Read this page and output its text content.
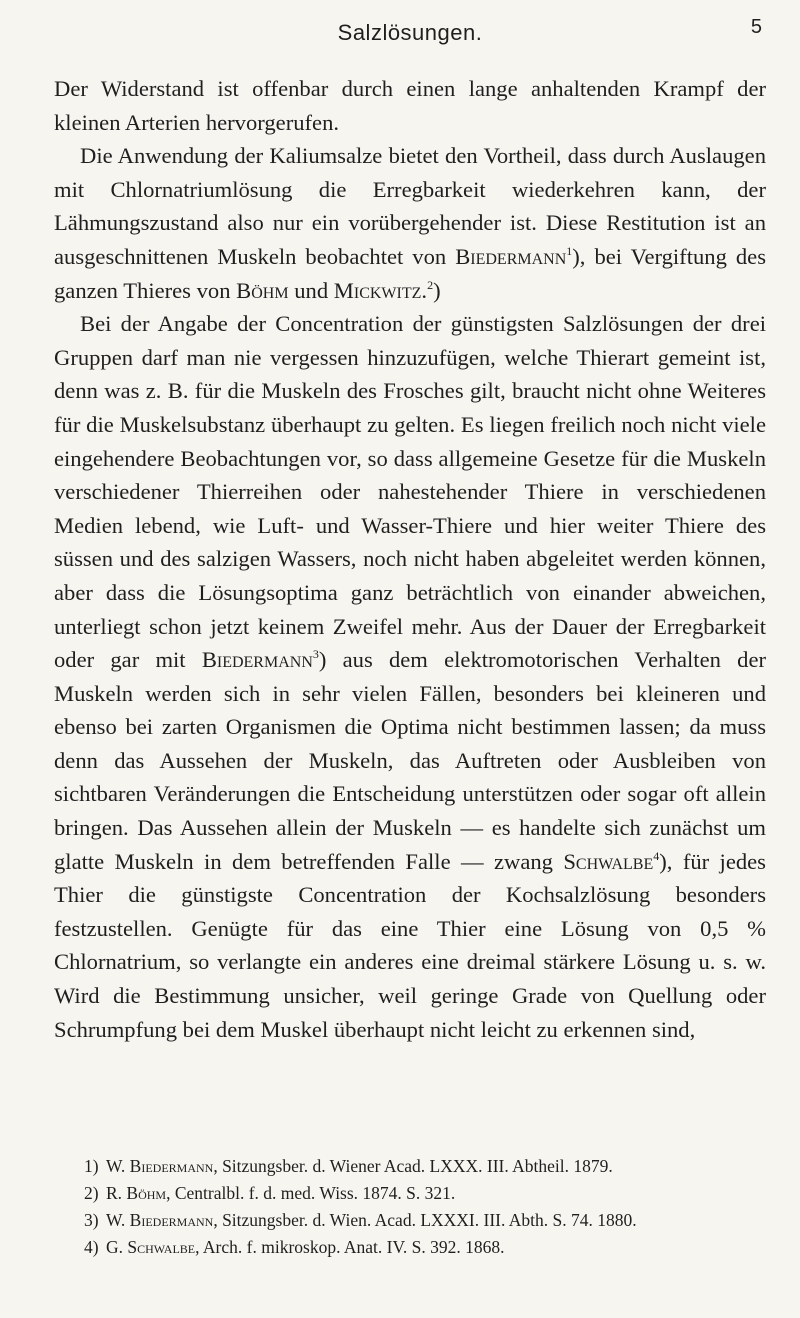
Salzlösungen.	5

Der Widerstand ist offenbar durch einen lange anhaltenden Krampf der kleinen Arterien hervorgerufen.

Die Anwendung der Kaliumsalze bietet den Vortheil, dass durch Auslaugen mit Chlornatriumlösung die Erregbarkeit wiederkehren kann, der Lähmungszustand also nur ein vorübergehender ist. Diese Restitution ist an ausgeschnittenen Muskeln beobachtet von Biedermann$^1$), bei Vergiftung des ganzen Thieres von Böhm und Mickwitz.$^2$)

Bei der Angabe der Concentration der günstigsten Salzlösungen der drei Gruppen darf man nie vergessen hinzuzufügen, welche Thierart gemeint ist, denn was z. B. für die Muskeln des Frosches gilt, braucht nicht ohne Weiteres für die Muskelsubstanz überhaupt zu gelten. Es liegen freilich noch nicht viele eingehendere Beobachtungen vor, so dass allgemeine Gesetze für die Muskeln verschiedener Thierreihen oder nahestehender Thiere in verschiedenen Medien lebend, wie Luft- und Wasser-Thiere und hier weiter Thiere des süssen und des salzigen Wassers, noch nicht haben abgeleitet werden können, aber dass die Lösungsoptima ganz beträchtlich von einander abweichen, unterliegt schon jetzt keinem Zweifel mehr. Aus der Dauer der Erregbarkeit oder gar mit Biedermann$^3$) aus dem elektromotorischen Verhalten der Muskeln werden sich in sehr vielen Fällen, besonders bei kleineren und ebenso bei zarten Organismen die Optima nicht bestimmen lassen; da muss denn das Aussehen der Muskeln, das Auftreten oder Ausbleiben von sichtbaren Veränderungen die Entscheidung unterstützen oder sogar oft allein bringen. Das Aussehen allein der Muskeln — es handelte sich zunächst um glatte Muskeln in dem betreffenden Falle — zwang Schwalbe$^4$), für jedes Thier die günstigste Concentration der Kochsalzlösung besonders festzustellen. Genügte für das eine Thier eine Lösung von 0,5 % Chlornatrium, so verlangte ein anderes eine dreimal stärkere Lösung u. s. w. Wird die Bestimmung unsicher, weil geringe Grade von Quellung oder Schrumpfung bei dem Muskel überhaupt nicht leicht zu erkennen sind,

1) W. Biedermann, Sitzungsber. d. Wiener Acad. LXXX. III. Abtheil. 1879.
2) R. Böhm, Centralbl. f. d. med. Wiss. 1874. S. 321.
3) W. Biedermann, Sitzungsber. d. Wien. Acad. LXXXI. III. Abth. S. 74. 1880.
4) G. Schwalbe, Arch. f. mikroskop. Anat. IV. S. 392. 1868.
